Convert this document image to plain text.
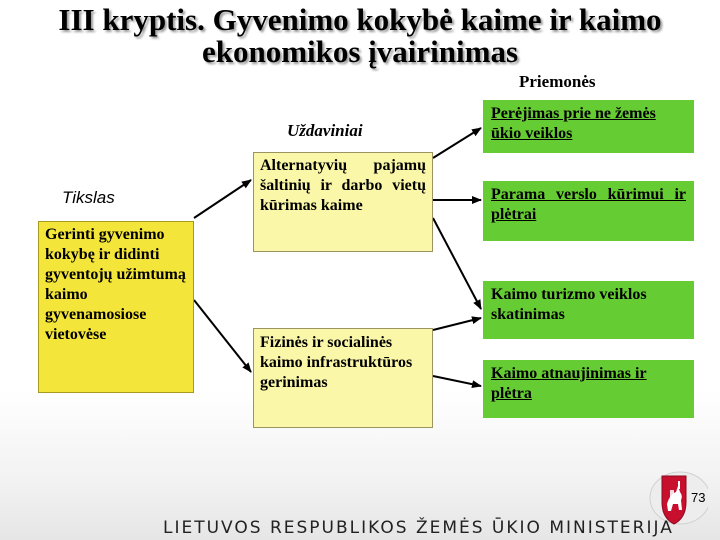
III kryptis. Gyvenimo kokybė kaime ir kaimo
ekonomikos įvairinimas
Priemonės
Uždaviniai
Tikslas
Gerinti gyvenimo kokybę ir didinti gyventojų užimtumą kaimo gyvenamosiose vietovėse
Alternatyvių pajamų šaltinių ir darbo vietų kūrimas kaime
Fizinės ir socialinės kaimo infrastruktūros gerinimas
Perėjimas prie ne žemės ūkio veiklos
Parama verslo kūrimui ir plėtrai
Kaimo turizmo veiklos skatinimas
Kaimo atnaujinimas ir plėtra
73
LIETUVOS RESPUBLIKOS ŽEMĖS ŪKIO MINISTERIJA
